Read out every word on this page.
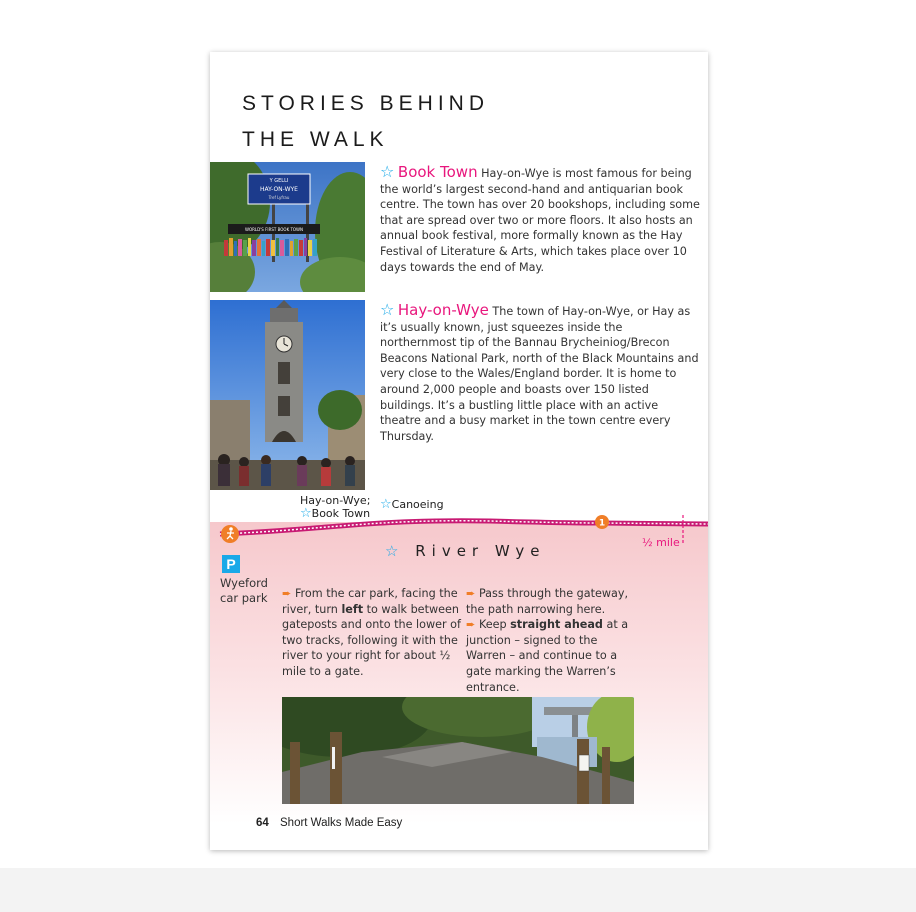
STORIES BEHIND
THE WALK
Y GELLI
HAY-ON-WYE
Tref Lyfrau
WORLD'S FIRST BOOK TOWN
☆ Book Town Hay-on-Wye is most famous for being the world’s largest second-hand and antiquarian book centre. The town has over 20 bookshops, including some that are spread over two or more floors. It also hosts an annual book festival, more formally known as the Hay Festival of Literature & Arts, which takes place over 10 days towards the end of May.
☆ Hay-on-Wye The town of Hay-on-Wye, or Hay as it’s usually known, just squeezes inside the northernmost tip of the Bannau Brycheiniog/Brecon Beacons National Park, north of the Black Mountains and very close to the Wales/England border. It is home to around 2,000 people and boasts over 150 listed buildings. It’s a bustling little place with an active theatre and a busy market in the town centre every Thursday.
1
Hay-on-Wye;
☆Book Town
☆Canoeing
½ mile
☆ River Wye
P
Wyeford
car park ➨ From the car park, facing the river, turn left to walk between gateposts and onto the lower of two tracks, following it with the river to your right for about ½ mile to a gate.
➨ Pass through the gateway, the path narrowing here.
➨ Keep straight ahead at a junction – signed to the Warren – and continue to a gate marking the Warren’s entrance.
64 Short Walks Made Easy
